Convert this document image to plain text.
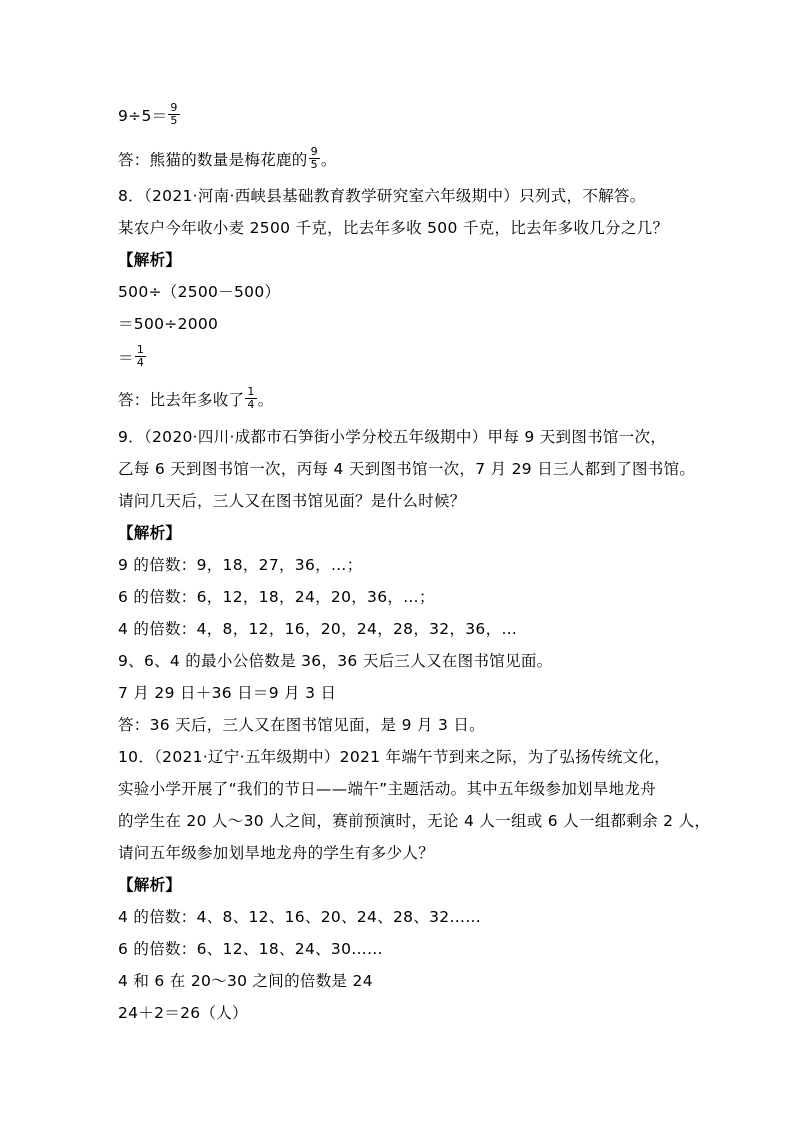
$9\div 5= \frac{9}{5}$
答：熊猫的数量是梅花鹿的 $\frac{9}{5}$ 。
8．（2021·河南·西峡县基础教育教学研究室六年级期中）只列式，不解答。
某农户今年收小麦 2500 千克，比去年多收 500 千克，比去年多收几分之几？
【解析】
500÷（2500－500）
＝500÷2000
＝ $\frac{1}{4}$
答：比去年多收了 $\frac{1}{4}$ 。
9．（2020·四川·成都市石笋街小学分校五年级期中）甲每 9 天到图书馆一次，
乙每 6 天到图书馆一次，丙每 4 天到图书馆一次，7 月 29 日三人都到了图书馆。
请问几天后，三人又在图书馆见面？是什么时候？
【解析】
9 的倍数：9，18，27，36，…；
6 的倍数：6，12，18，24，20，36，…；
4 的倍数：4，8，12，16，20，24，28，32，36，…
9、6、4 的最小公倍数是 36，36 天后三人又在图书馆见面。
7 月 29 日＋36 日＝9 月 3 日
答：36 天后，三人又在图书馆见面，是 9 月 3 日。
10．（2021·辽宁·五年级期中）2021 年端午节到来之际，为了弘扬传统文化，
实验小学开展了“我们的节日——端午”主题活动。其中五年级参加划旱地龙舟
的学生在 20 人～30 人之间，赛前预演时，无论 4 人一组或 6 人一组都剩余 2 人，
请问五年级参加划旱地龙舟的学生有多少人？
【解析】
4 的倍数：4、8、12、16、20、24、28、32……
6 的倍数：6、12、18、24、30……
4 和 6 在 20～30 之间的倍数是 24
24＋2＝26（人）
